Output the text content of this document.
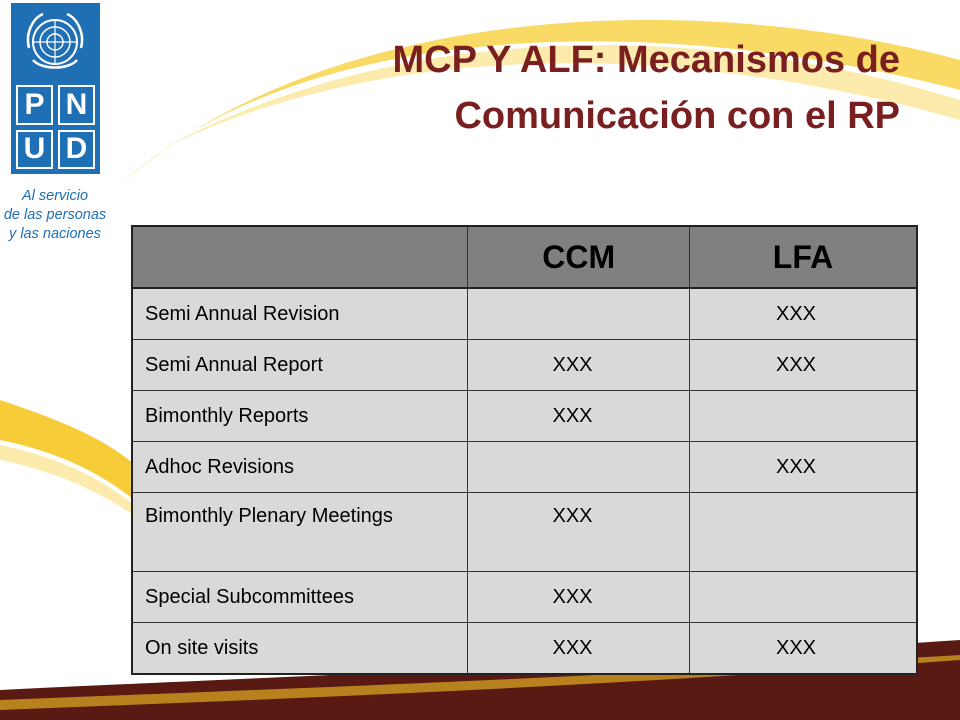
P N
U D
Al servicio
de las personas
y las naciones
MCP Y ALF: Mecanismos de
Comunicación con el RP
	CCM	LFA
Semi Annual Revision		XXX
Semi Annual Report	XXX	XXX
Bimonthly Reports	XXX	
Adhoc Revisions		XXX
Bimonthly Plenary Meetings	XXX	
Special Subcommittees	XXX	
On site visits	XXX	XXX
